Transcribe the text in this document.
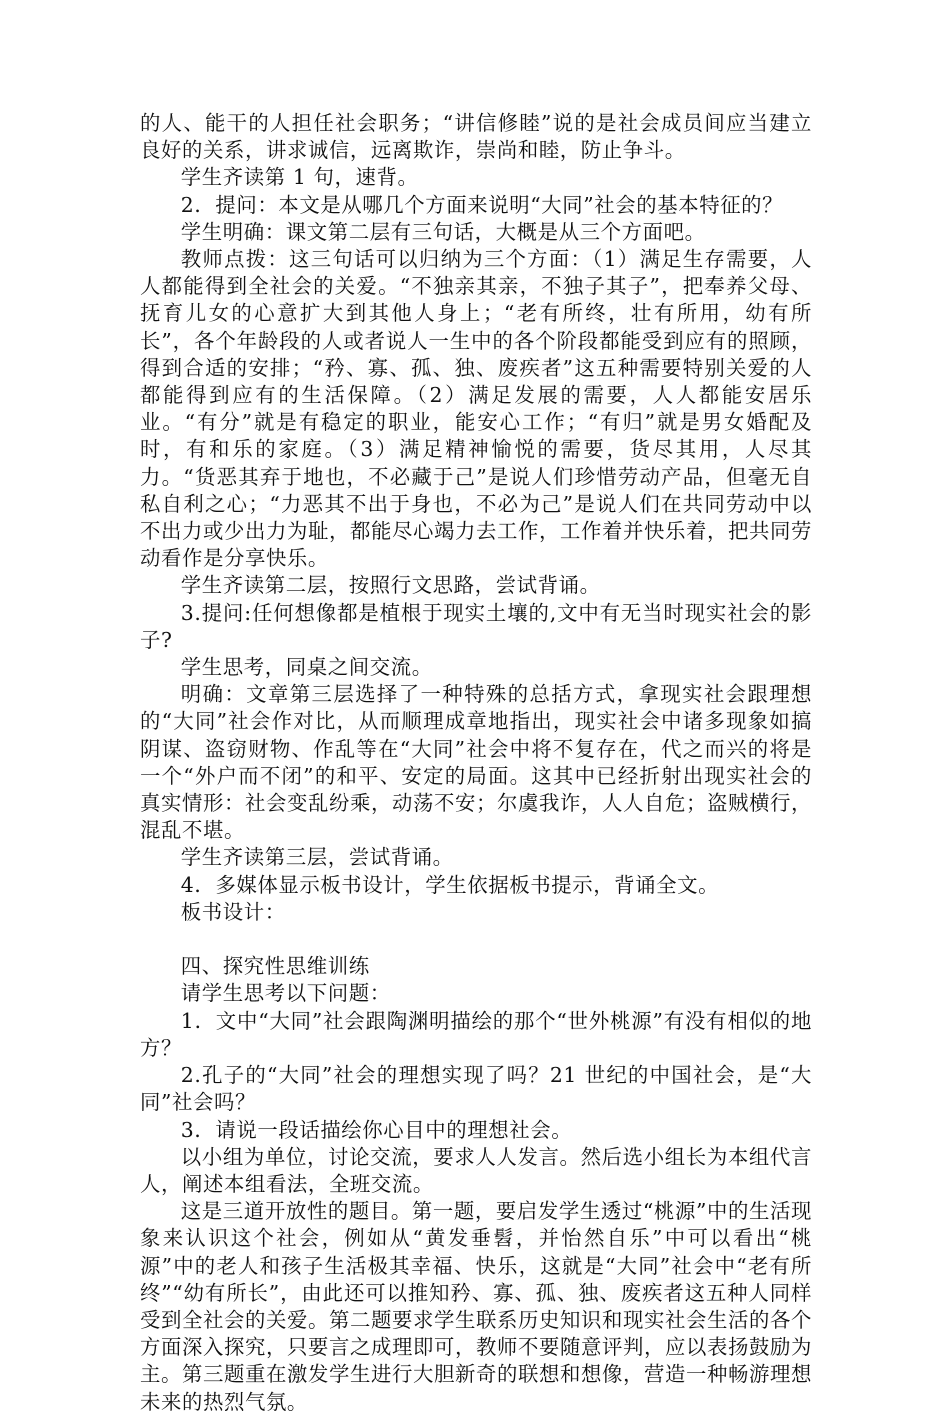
的人、能干的人担任社会职务；“讲信修睦”说的是社会成员间应当建立良好的关系，讲求诚信，远离欺诈，崇尚和睦，防止争斗。

学生齐读第 1 句，速背。

2．提问：本文是从哪几个方面来说明“大同”社会的基本特征的？

学生明确：课文第二层有三句话，大概是从三个方面吧。

教师点拨：这三句话可以归纳为三个方面：（1）满足生存需要，人人都能得到全社会的关爱。“不独亲其亲，不独子其子”，把奉养父母、抚育儿女的心意扩大到其他人身上；“老有所终，壮有所用，幼有所长”，各个年龄段的人或者说人一生中的各个阶段都能受到应有的照顾，得到合适的安排；“矜、寡、孤、独、废疾者”这五种需要特别关爱的人都能得到应有的生活保障。（2）满足发展的需要，人人都能安居乐业。“有分”就是有稳定的职业，能安心工作；“有归”就是男女婚配及时，有和乐的家庭。（3）满足精神愉悦的需要，货尽其用，人尽其力。“货恶其弃于地也，不必藏于己”是说人们珍惜劳动产品，但毫无自私自利之心；“力恶其不出于身也，不必为己”是说人们在共同劳动中以不出力或少出力为耻，都能尽心竭力去工作，工作着并快乐着，把共同劳动看作是分享快乐。

学生齐读第二层，按照行文思路，尝试背诵。

3.提问:任何想像都是植根于现实土壤的,文中有无当时现实社会的影子?

学生思考，同桌之间交流。

明确：文章第三层选择了一种特殊的总括方式，拿现实社会跟理想的“大同”社会作对比，从而顺理成章地指出，现实社会中诸多现象如搞阴谋、盗窃财物、作乱等在“大同”社会中将不复存在，代之而兴的将是一个“外户而不闭”的和平、安定的局面。这其中已经折射出现实社会的真实情形：社会变乱纷乘，动荡不安；尔虞我诈，人人自危；盗贼横行，混乱不堪。

学生齐读第三层，尝试背诵。

4．多媒体显示板书设计，学生依据板书提示，背诵全文。

板书设计：

四、探究性思维训练

请学生思考以下问题：

1．文中“大同”社会跟陶渊明描绘的那个“世外桃源”有没有相似的地方？

2.孔子的“大同”社会的理想实现了吗？21 世纪的中国社会，是“大同”社会吗？

3．请说一段话描绘你心目中的理想社会。

以小组为单位，讨论交流，要求人人发言。然后选小组长为本组代言人，阐述本组看法，全班交流。

这是三道开放性的题目。第一题，要启发学生透过“桃源”中的生活现象来认识这个社会，例如从“黄发垂髫，并怡然自乐”中可以看出“桃源”中的老人和孩子生活极其幸福、快乐，这就是“大同”社会中“老有所终”“幼有所长”，由此还可以推知矜、寡、孤、独、废疾者这五种人同样受到全社会的关爱。第二题要求学生联系历史知识和现实社会生活的各个方面深入探究，只要言之成理即可，教师不要随意评判，应以表扬鼓励为主。第三题重在激发学生进行大胆新奇的联想和想像，营造一种畅游理想未来的热烈气氛。
